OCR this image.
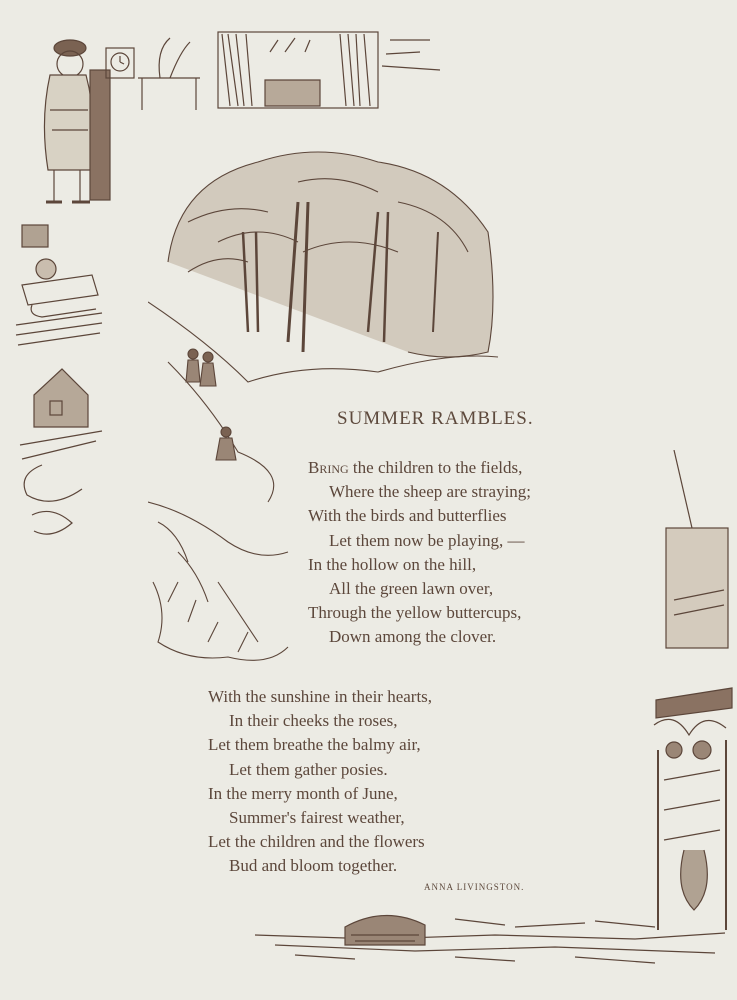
SUMMER RAMBLES.
Bring the children to the fields,
Where the sheep are straying;
With the birds and butterflies
Let them now be playing, —
In the hollow on the hill,
All the green lawn over,
Through the yellow buttercups,
Down among the clover.
With the sunshine in their hearts,
In their cheeks the roses,
Let them breathe the balmy air,
Let them gather posies.
In the merry month of June,
Summer's fairest weather,
Let the children and the flowers
Bud and bloom together.
ANNA LIVINGSTON.
